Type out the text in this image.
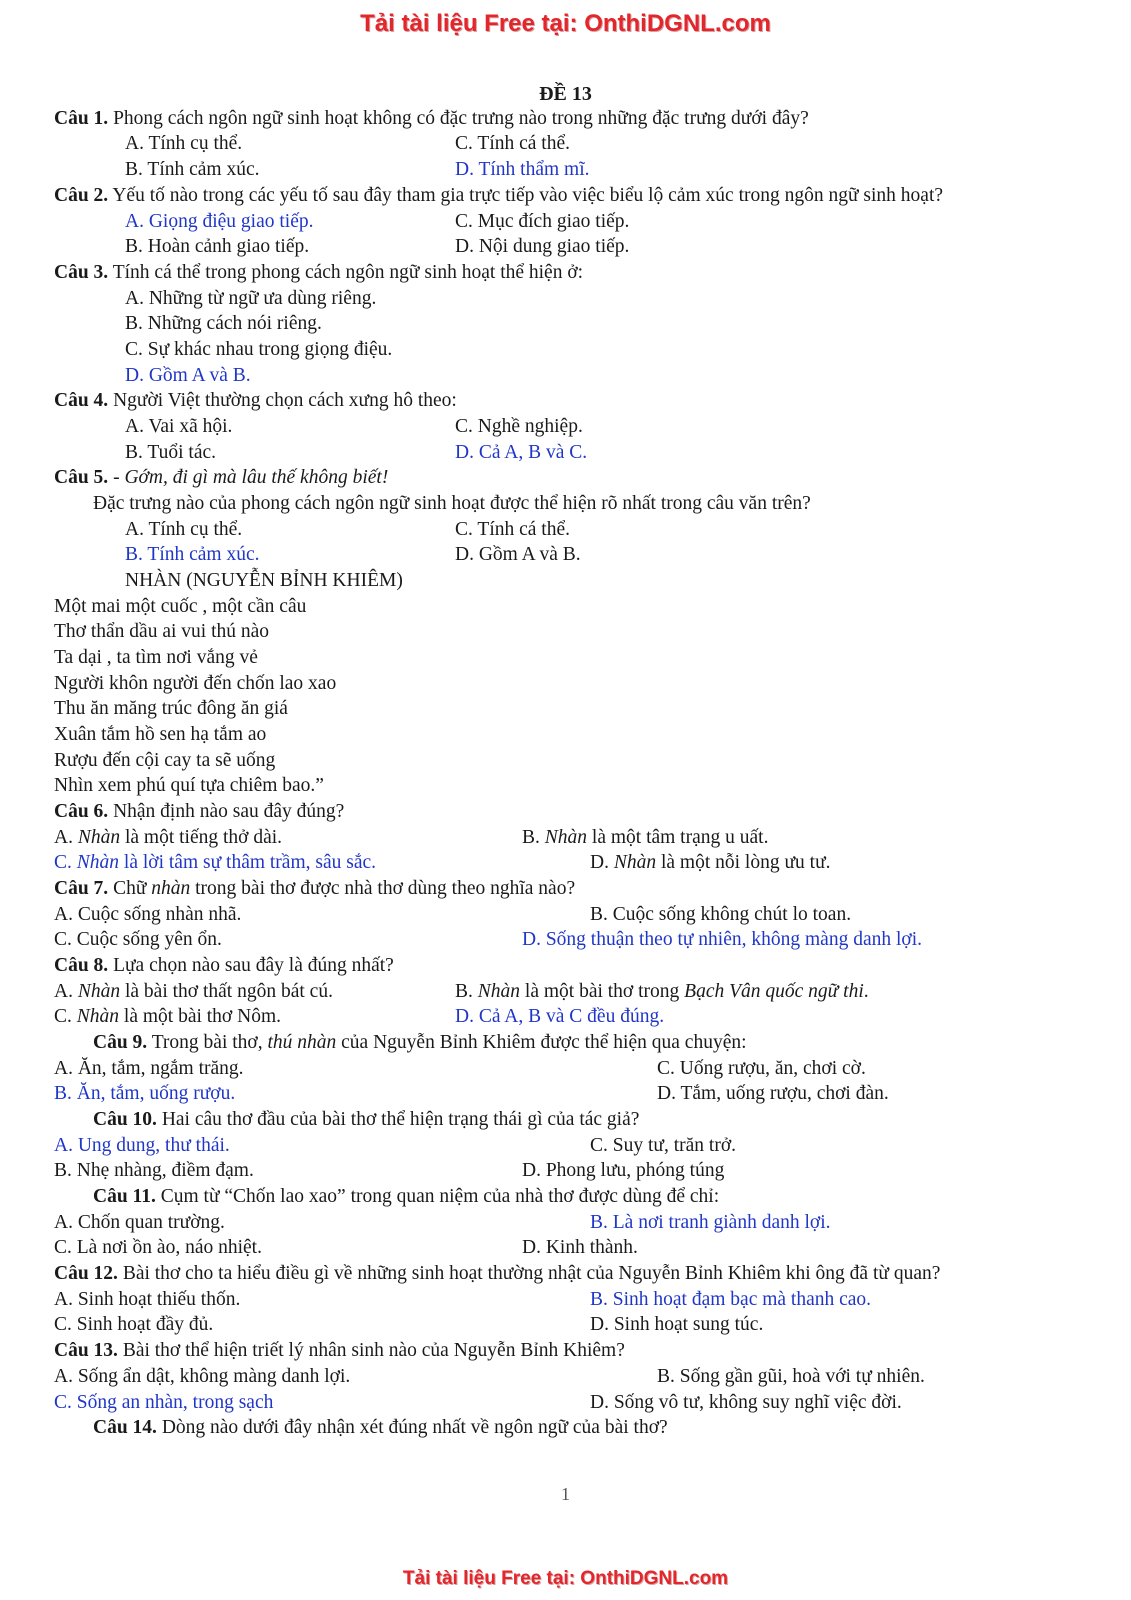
Tải tài liệu Free tại: OnthiDGNL.com
ĐỀ 13
Câu 1. Phong cách ngôn ngữ sinh hoạt không có đặc trưng nào trong những đặc trưng dưới đây?
A. Tính cụ thể.	C. Tính cá thể.
B. Tính cảm xúc.	D. Tính thẩm mĩ.
Câu 2. Yếu tố nào trong các yếu tố sau đây tham gia trực tiếp vào việc biểu lộ cảm xúc trong ngôn ngữ sinh hoạt?
A. Giọng điệu giao tiếp.	C. Mục đích giao tiếp.
B. Hoàn cảnh giao tiếp.	D. Nội dung giao tiếp.
Câu 3. Tính cá thể trong phong cách ngôn ngữ sinh hoạt thể hiện ở:
A. Những từ ngữ ưa dùng riêng.
B. Những cách nói riêng.
C. Sự khác nhau trong giọng điệu.
D. Gồm A và B.
Câu 4. Người Việt thường chọn cách xưng hô theo:
A. Vai xã hội.	C. Nghề nghiệp.
B. Tuổi tác.	D. Cả A, B và C.
Câu 5. - Gớm, đi gì mà lâu thế không biết!
Đặc trưng nào của phong cách ngôn ngữ sinh hoạt được thể hiện rõ nhất trong câu văn trên?
A. Tính cụ thể.	C. Tính cá thể.
B. Tính cảm xúc.	D. Gồm A và B.
NHÀN (NGUYỄN BỈNH KHIÊM)
Một mai một cuốc , một cần câu
Thơ thẩn dầu ai vui thú nào
Ta dại , ta tìm nơi vắng vẻ
Người khôn người đến chốn lao xao
Thu ăn măng trúc đông ăn giá
Xuân tắm hồ sen hạ tắm ao
Rượu đến cội cay ta sẽ uống
Nhìn xem phú quí tựa chiêm bao.”
Câu 6. Nhận định nào sau đây đúng?
A. Nhàn là một tiếng thở dài.	B. Nhàn là một tâm trạng u uất.
C. Nhàn là lời tâm sự thâm trầm, sâu sắc.	D. Nhàn là một nỗi lòng ưu tư.
Câu 7. Chữ nhàn trong bài thơ được nhà thơ dùng theo nghĩa nào?
A. Cuộc sống nhàn nhã.	B. Cuộc sống không chút lo toan.
C. Cuộc sống yên ổn.	D. Sống thuận theo tự nhiên, không màng danh lợi.
Câu 8. Lựa chọn nào sau đây là đúng nhất?
A. Nhàn là bài thơ thất ngôn bát cú.	B. Nhàn là một bài thơ trong Bạch Vân quốc ngữ thi.
C. Nhàn là một bài thơ Nôm.	D. Cả A, B và C đều đúng.
Câu 9. Trong bài thơ, thú nhàn của Nguyễn Bỉnh Khiêm được thể hiện qua chuyện:
A. Ăn, tắm, ngắm trăng.	C. Uống rượu, ăn, chơi cờ.
B. Ăn, tắm, uống rượu.	D. Tắm, uống rượu, chơi đàn.
Câu 10. Hai câu thơ đầu của bài thơ thể hiện trạng thái gì của tác giả?
A. Ung dung, thư thái.	C. Suy tư, trăn trở.
B. Nhẹ nhàng, điềm đạm.	D. Phong lưu, phóng túng
Câu 11. Cụm từ “Chốn lao xao” trong quan niệm của nhà thơ được dùng để chỉ:
A. Chốn quan trường.	B. Là nơi tranh giành danh lợi.
C. Là nơi ồn ào, náo nhiệt.	D. Kinh thành.
Câu 12. Bài thơ cho ta hiểu điều gì về những sinh hoạt thường nhật của Nguyễn Bỉnh Khiêm khi ông đã từ quan?
A. Sinh hoạt thiếu thốn.	B. Sinh hoạt đạm bạc mà thanh cao.
C. Sinh hoạt đầy đủ.	D. Sinh hoạt sung túc.
Câu 13. Bài thơ thể hiện triết lý nhân sinh nào của Nguyễn Bỉnh Khiêm?
A. Sống ẩn dật, không màng danh lợi.	B. Sống gần gũi, hoà với tự nhiên.
C. Sống an nhàn, trong sạch	D. Sống vô tư, không suy nghĩ việc đời.
Câu 14. Dòng nào dưới đây nhận xét đúng nhất về ngôn ngữ của bài thơ?
1
Tải tài liệu Free tại: OnthiDGNL.com
